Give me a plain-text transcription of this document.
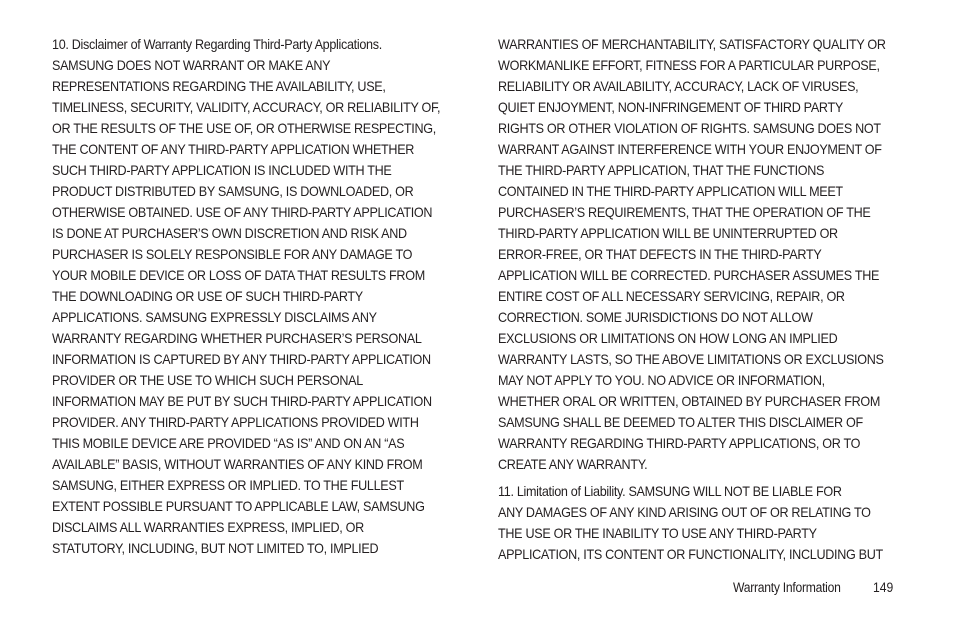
10. Disclaimer of Warranty Regarding Third-Party Applications.
SAMSUNG DOES NOT WARRANT OR MAKE ANY
REPRESENTATIONS REGARDING THE AVAILABILITY, USE,
TIMELINESS, SECURITY, VALIDITY, ACCURACY, OR RELIABILITY OF,
OR THE RESULTS OF THE USE OF, OR OTHERWISE RESPECTING,
THE CONTENT OF ANY THIRD-PARTY APPLICATION WHETHER
SUCH THIRD-PARTY APPLICATION IS INCLUDED WITH THE
PRODUCT DISTRIBUTED BY SAMSUNG, IS DOWNLOADED, OR
OTHERWISE OBTAINED. USE OF ANY THIRD-PARTY APPLICATION
IS DONE AT PURCHASER’S OWN DISCRETION AND RISK AND
PURCHASER IS SOLELY RESPONSIBLE FOR ANY DAMAGE TO
YOUR MOBILE DEVICE OR LOSS OF DATA THAT RESULTS FROM
THE DOWNLOADING OR USE OF SUCH THIRD-PARTY
APPLICATIONS. SAMSUNG EXPRESSLY DISCLAIMS ANY
WARRANTY REGARDING WHETHER PURCHASER’S PERSONAL
INFORMATION IS CAPTURED BY ANY THIRD-PARTY APPLICATION
PROVIDER OR THE USE TO WHICH SUCH PERSONAL
INFORMATION MAY BE PUT BY SUCH THIRD-PARTY APPLICATION
PROVIDER. ANY THIRD-PARTY APPLICATIONS PROVIDED WITH
THIS MOBILE DEVICE ARE PROVIDED “AS IS” AND ON AN “AS
AVAILABLE” BASIS, WITHOUT WARRANTIES OF ANY KIND FROM
SAMSUNG, EITHER EXPRESS OR IMPLIED. TO THE FULLEST
EXTENT POSSIBLE PURSUANT TO APPLICABLE LAW, SAMSUNG
DISCLAIMS ALL WARRANTIES EXPRESS, IMPLIED, OR
STATUTORY, INCLUDING, BUT NOT LIMITED TO, IMPLIED

WARRANTIES OF MERCHANTABILITY, SATISFACTORY QUALITY OR
WORKMANLIKE EFFORT, FITNESS FOR A PARTICULAR PURPOSE,
RELIABILITY OR AVAILABILITY, ACCURACY, LACK OF VIRUSES,
QUIET ENJOYMENT, NON-INFRINGEMENT OF THIRD PARTY
RIGHTS OR OTHER VIOLATION OF RIGHTS. SAMSUNG DOES NOT
WARRANT AGAINST INTERFERENCE WITH YOUR ENJOYMENT OF
THE THIRD-PARTY APPLICATION, THAT THE FUNCTIONS
CONTAINED IN THE THIRD-PARTY APPLICATION WILL MEET
PURCHASER’S REQUIREMENTS, THAT THE OPERATION OF THE
THIRD-PARTY APPLICATION WILL BE UNINTERRUPTED OR
ERROR-FREE, OR THAT DEFECTS IN THE THIRD-PARTY
APPLICATION WILL BE CORRECTED. PURCHASER ASSUMES THE
ENTIRE COST OF ALL NECESSARY SERVICING, REPAIR, OR
CORRECTION. SOME JURISDICTIONS DO NOT ALLOW
EXCLUSIONS OR LIMITATIONS ON HOW LONG AN IMPLIED
WARRANTY LASTS, SO THE ABOVE LIMITATIONS OR EXCLUSIONS
MAY NOT APPLY TO YOU. NO ADVICE OR INFORMATION,
WHETHER ORAL OR WRITTEN, OBTAINED BY PURCHASER FROM
SAMSUNG SHALL BE DEEMED TO ALTER THIS DISCLAIMER OF
WARRANTY REGARDING THIRD-PARTY APPLICATIONS, OR TO
CREATE ANY WARRANTY.

11. Limitation of Liability. SAMSUNG WILL NOT BE LIABLE FOR
ANY DAMAGES OF ANY KIND ARISING OUT OF OR RELATING TO
THE USE OR THE INABILITY TO USE ANY THIRD-PARTY
APPLICATION, ITS CONTENT OR FUNCTIONALITY, INCLUDING BUT

Warranty Information 149
